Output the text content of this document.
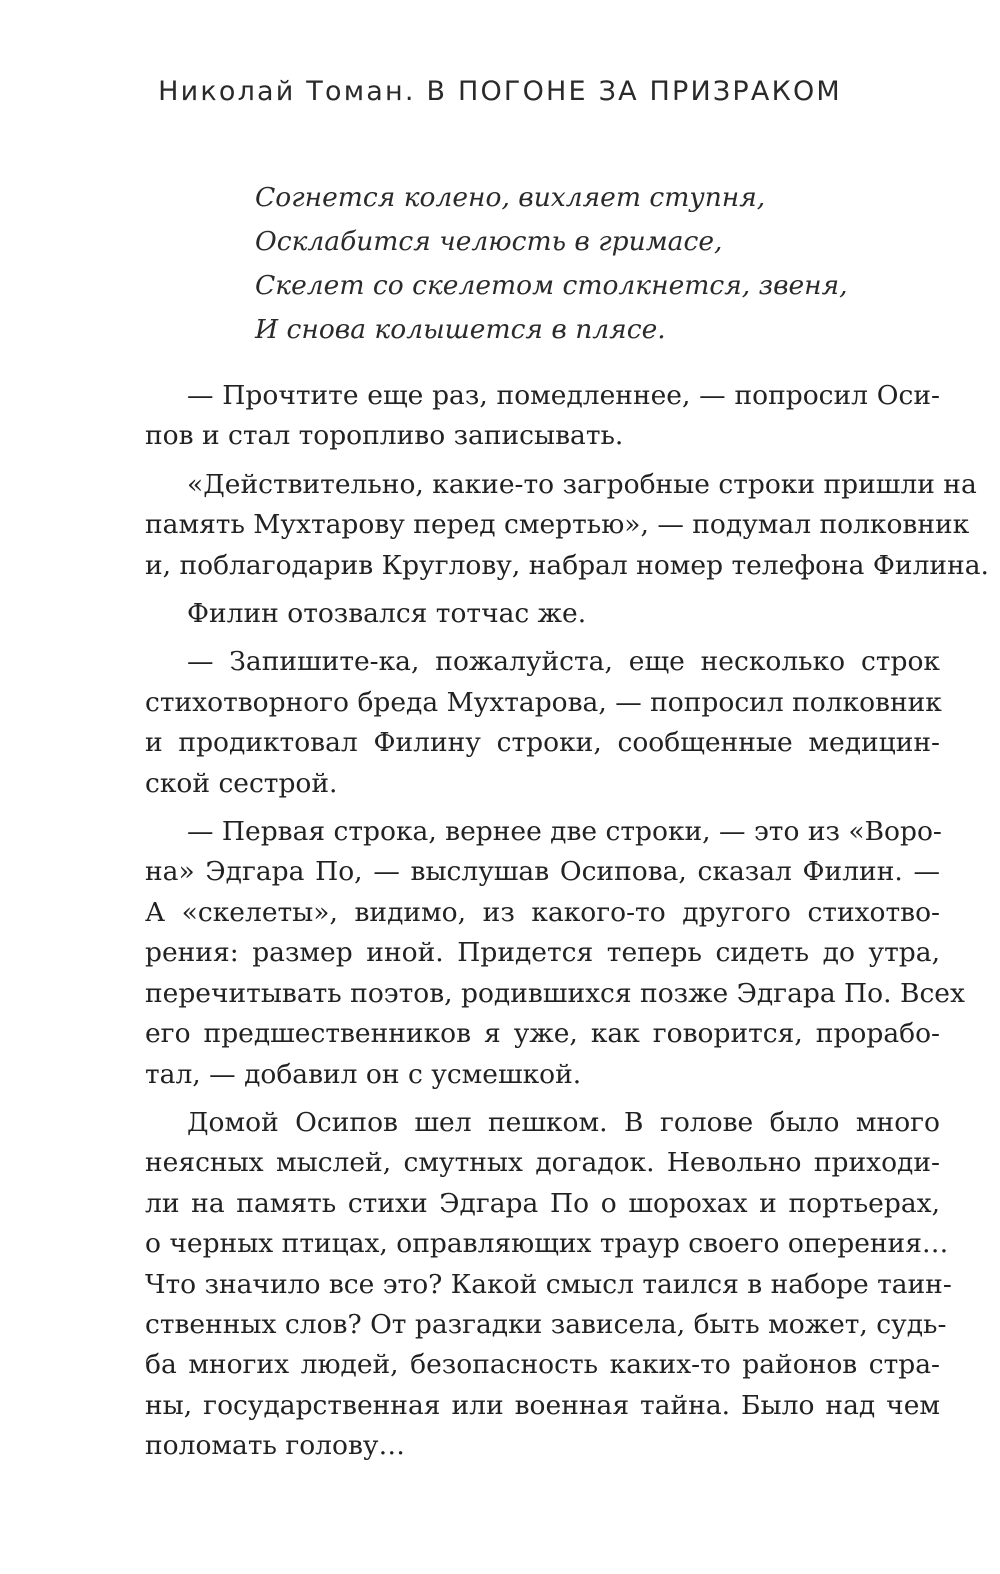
Николай Томан. В ПОГОНЕ ЗА ПРИЗРАКОМ
Согнется колено, вихляет ступня,
Осклабится челюсть в гримасе,
Скелет со скелетом столкнется, звеня,
И снова колышется в плясе.

— Прочтите еще раз, помедленнее, — попросил Оси-
пов и стал торопливо записывать.

«Действительно, какие-то загробные строки пришли на
память Мухтарову перед смертью», — подумал полковник
и, поблагодарив Круглову, набрал номер телефона Филина.

Филин отозвался тотчас же.

— Запишите-ка, пожалуйста, еще несколько строк
стихотворного бреда Мухтарова, — попросил полковник
и продиктовал Филину строки, сообщенные медицин-
ской сестрой.

— Первая строка, вернее две строки, — это из «Воро-
на» Эдгара По, — выслушав Осипова, сказал Филин. —
А «скелеты», видимо, из какого-то другого стихотво-
рения: размер иной. Придется теперь сидеть до утра,
перечитывать поэтов, родившихся позже Эдгара По. Всех
его предшественников я уже, как говорится, прорабо-
тал, — добавил он с усмешкой.

Домой Осипов шел пешком. В голове было много
неясных мыслей, смутных догадок. Невольно приходи-
ли на память стихи Эдгара По о шорохах и портьерах,
о черных птицах, оправляющих траур своего оперения…
Что значило все это? Какой смысл таился в наборе таин-
ственных слов? От разгадки зависела, быть может, судь-
ба многих людей, безопасность каких-то районов стра-
ны, государственная или военная тайна. Было над чем
поломать голову…
